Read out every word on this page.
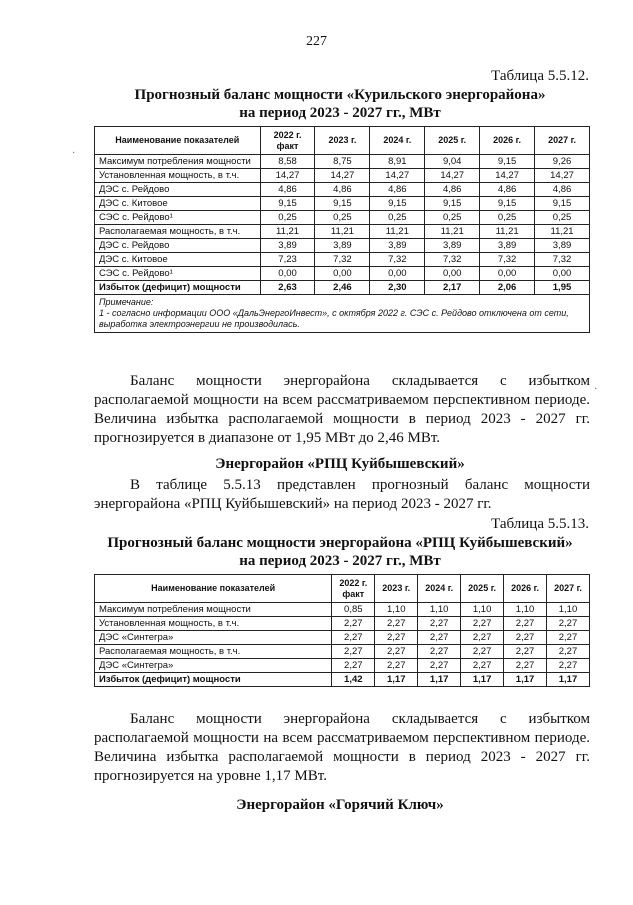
227
Таблица 5.5.12.
Прогнозный баланс мощности «Курильского энергорайона»
на период 2023 - 2027 гг., МВт
Наименование показателей	2022 г. факт	2023 г.	2024 г.	2025 г.	2026 г.	2027 г.
Максимум потребления мощности	8,58	8,75	8,91	9,04	9,15	9,26
Установленная мощность, в т.ч.	14,27	14,27	14,27	14,27	14,27	14,27
ДЭС с. Рейдово	4,86	4,86	4,86	4,86	4,86	4,86
ДЭС с. Китовое	9,15	9,15	9,15	9,15	9,15	9,15
СЭС с. Рейдово¹	0,25	0,25	0,25	0,25	0,25	0,25
Располагаемая мощность, в т.ч.	11,21	11,21	11,21	11,21	11,21	11,21
ДЭС с. Рейдово	3,89	3,89	3,89	3,89	3,89	3,89
ДЭС с. Китовое	7,23	7,32	7,32	7,32	7,32	7,32
СЭС с. Рейдово¹	0,00	0,00	0,00	0,00	0,00	0,00
Избыток (дефицит) мощности	2,63	2,46	2,30	2,17	2,06	1,95

Примечание:
1 - согласно информации ООО «ДальЭнергоИнвест», с октября 2022 г. СЭС с. Рейдово отключена от сети, выработка электроэнергии не производилась.						
Баланс мощности энергорайона складывается с избытком располагаемой мощности на всем рассматриваемом перспективном периоде. Величина избытка располагаемой мощности в период 2023 - 2027 гг. прогнозируется в диапазоне от 1,95 МВт до 2,46 МВт.
Энергорайон «РПЦ Куйбышевский»
В таблице 5.5.13 представлен прогнозный баланс мощности энергорайона «РПЦ Куйбышевский» на период 2023 - 2027 гг.
Таблица 5.5.13.
Прогнозный баланс мощности энергорайона «РПЦ Куйбышевский»
на период 2023 - 2027 гг., МВт
Наименование показателей	2022 г. факт	2023 г.	2024 г.	2025 г.	2026 г.	2027 г.
Максимум потребления мощности	0,85	1,10	1,10	1,10	1,10	1,10
Установленная мощность, в т.ч.	2,27	2,27	2,27	2,27	2,27	2,27
ДЭС «Синтегра»	2,27	2,27	2,27	2,27	2,27	2,27
Располагаемая мощность, в т.ч.	2,27	2,27	2,27	2,27	2,27	2,27
ДЭС «Синтегра»	2,27	2,27	2,27	2,27	2,27	2,27
Избыток (дефицит) мощности	1,42	1,17	1,17	1,17	1,17	1,17
Баланс мощности энергорайона складывается с избытком располагаемой мощности на всем рассматриваемом перспективном периоде. Величина избытка располагаемой мощности в период 2023 - 2027 гг. прогнозируется на уровне 1,17 МВт.
Энергорайон «Горячий Ключ»
·
·
